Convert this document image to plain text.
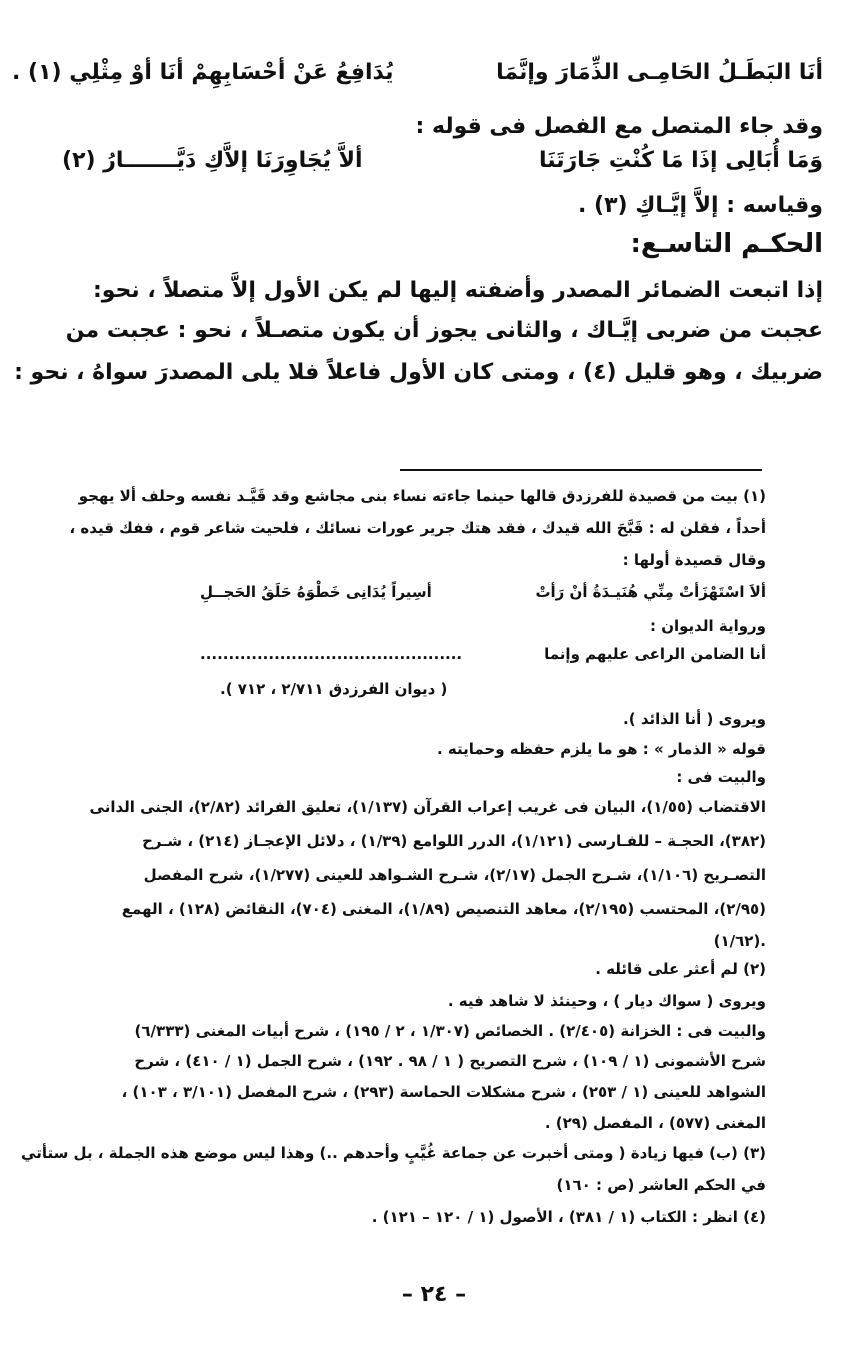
أنَا البَطَـلُ الحَامِـى الذِّمَارَ وإنَّمَا
يُدَافِعُ عَنْ أحْسَابِهِمْ أنَا أوْ مِثْلِي (١) .
وقد جاء المتصل مع الفصل فى قوله :
وَمَا أُبَالِى إذَا مَا كُنْتِ جَارَتَنَا
ألاَّ يُجَاوِرَنَا إلاَّكِ دَيَّـــــــارُ (٢)
وقياسه : إلاَّ إيَّـاكِ (٣) .
الحكـم التاسـع:
إذا اتبعت الضمائر المصدر وأضفته إليها لم يكن الأول إلاَّ متصلاً ، نحو:
عجبت من ضربى إيَّـاك ، والثانى يجوز أن يكون متصـلاً ، نحو : عجبت من
ضربيك ، وهو قليل (٤) ، ومتى كان الأول فاعلاً فلا يلى المصدرَ سواهُ ، نحو :
(١) بيت من قصيدة للفرزدق قالها حينما جاءته نساء بنى مجاشع وقد قَيَّـد نفسه وحلف ألا يهجو
أحداً ، فقلن له : قَبَّحَ الله قيدك ، فقد هتك جرير عورات نسائك ، فلحيت شاعر قوم ، ففك قيده ،
وقال قصيدة أولها :
ألاَ اسْتَهْزَأتْ مِنِّي هُنَيـدَةُ أنْ رَأتْ
أسِيراً يُدَانِى خَطْوَهُ حَلَقُ الحَجــلِ
ورواية الديوان :
أنا الضامن الراعى عليهم وإنما
..............................................
( ديوان الفرزدق ٢/٧١١ ، ٧١٢ ).
ويروى ( أنا الذائد ).
قوله « الذمار » : هو ما يلزم حفظه وحمايته .
والبيت فى :
الاقتضاب (١/٥٥)، البيان فى غريب إعراب القرآن (١/١٣٧)، تعليق الفرائد (٢/٨٢)، الجنى الدانى
(٣٨٢)، الحجـة – للفـارسى (١/١٢١)، الدرر اللوامع (١/٣٩) ، دلائل الإعجـاز (٢١٤) ، شـرح
التصـريح (١/١٠٦)، شـرح الجمل (٢/١٧)، شـرح الشـواهد للعينى (١/٢٧٧)، شرح المفصل
(٢/٩٥)، المحتسب (٢/١٩٥)، معاهد التنصيص (١/٨٩)، المغنى (٧٠٤)، النقائض (١٢٨) ، الهمع
(١/٦٢).
(٢) لم أعثر على قائله .
ويروى ( سواك ديار ) ، وحينئذ لا شاهد فيه .
والبيت فى : الخزانة (٢/٤٠٥) . الخصائص (١/٣٠٧ ، ٢ / ١٩٥) ، شرح أبيات المغنى (٦/٣٣٣)
شرح الأشمونى (١ / ١٠٩) ، شرح التصريح ( ١ / ٩٨ . ١٩٢) ، شرح الجمل (١ / ٤١٠) ، شرح
الشواهد للعينى (١ / ٢٥٣) ، شرح مشكلات الحماسة (٢٩٣) ، شرح المفصل (٣/١٠١ ، ١٠٣) ،
المغنى (٥٧٧) ، المفصل (٢٩) .
(٣) (ب) فيها زيادة ( ومتى أخبرت عن جماعة غُيَّبٍ وأحدهم ..) وهذا ليس موضع هذه الجملة ، بل ستأتي
في الحكم العاشر (ص : ١٦٠)
(٤) انظر : الكتاب (١ / ٣٨١) ، الأصول (١ / ١٢٠ – ١٢١) .
– ٢٤ –
